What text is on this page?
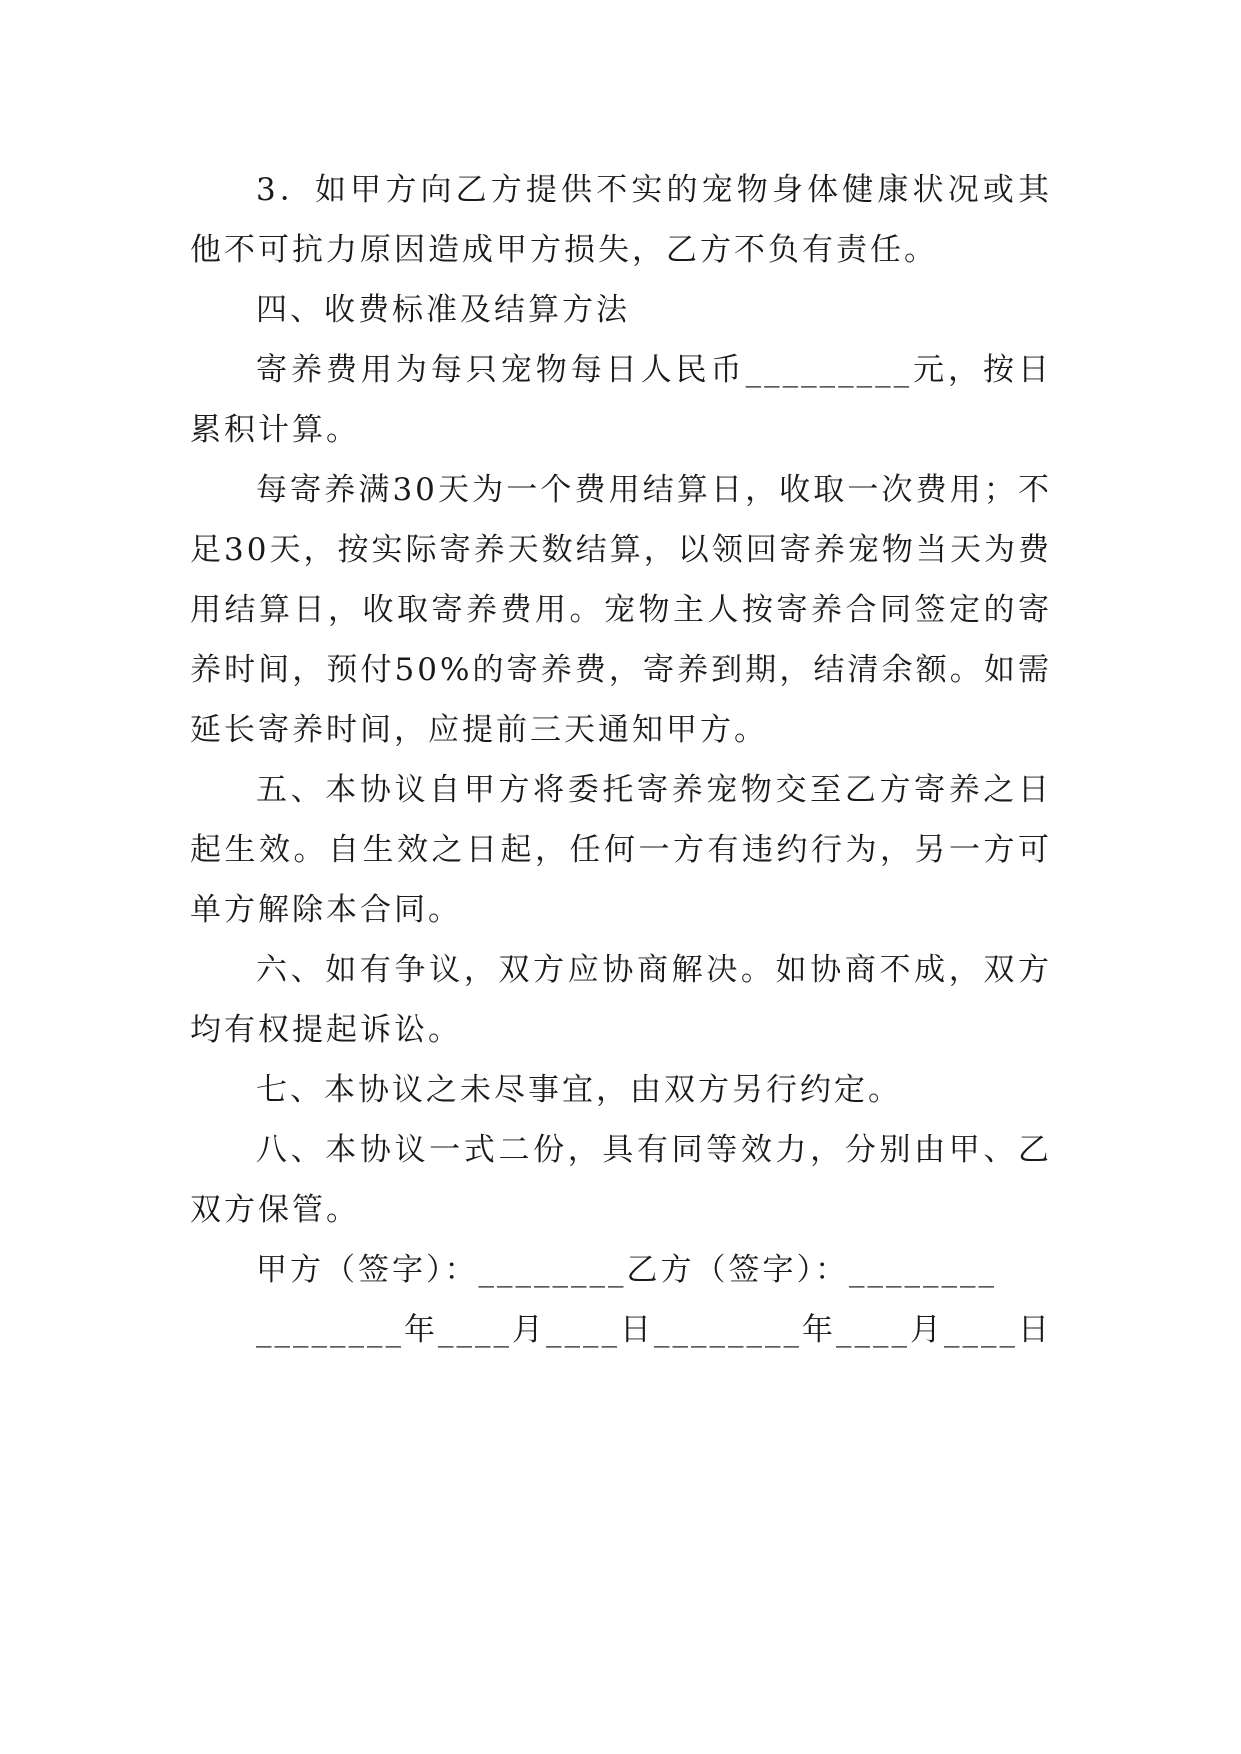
3．如甲方向乙方提供不实的宠物身体健康状况或其他不可抗力原因造成甲方损失，乙方不负有责任。

四、收费标准及结算方法

寄养费用为每只宠物每日人民币_________元，按日累积计算。

每寄养满30天为一个费用结算日，收取一次费用；不足30天，按实际寄养天数结算，以领回寄养宠物当天为费用结算日，收取寄养费用。宠物主人按寄养合同签定的寄养时间，预付50%的寄养费，寄养到期，结清余额。如需延长寄养时间，应提前三天通知甲方。

五、本协议自甲方将委托寄养宠物交至乙方寄养之日起生效。自生效之日起，任何一方有违约行为，另一方可单方解除本合同。

六、如有争议，双方应协商解决。如协商不成，双方均有权提起诉讼。

七、本协议之未尽事宜，由双方另行约定。

八、本协议一式二份，具有同等效力，分别由甲、乙双方保管。

甲方（签字）：________乙方（签字）：________

________年____月____日________年____月____日
